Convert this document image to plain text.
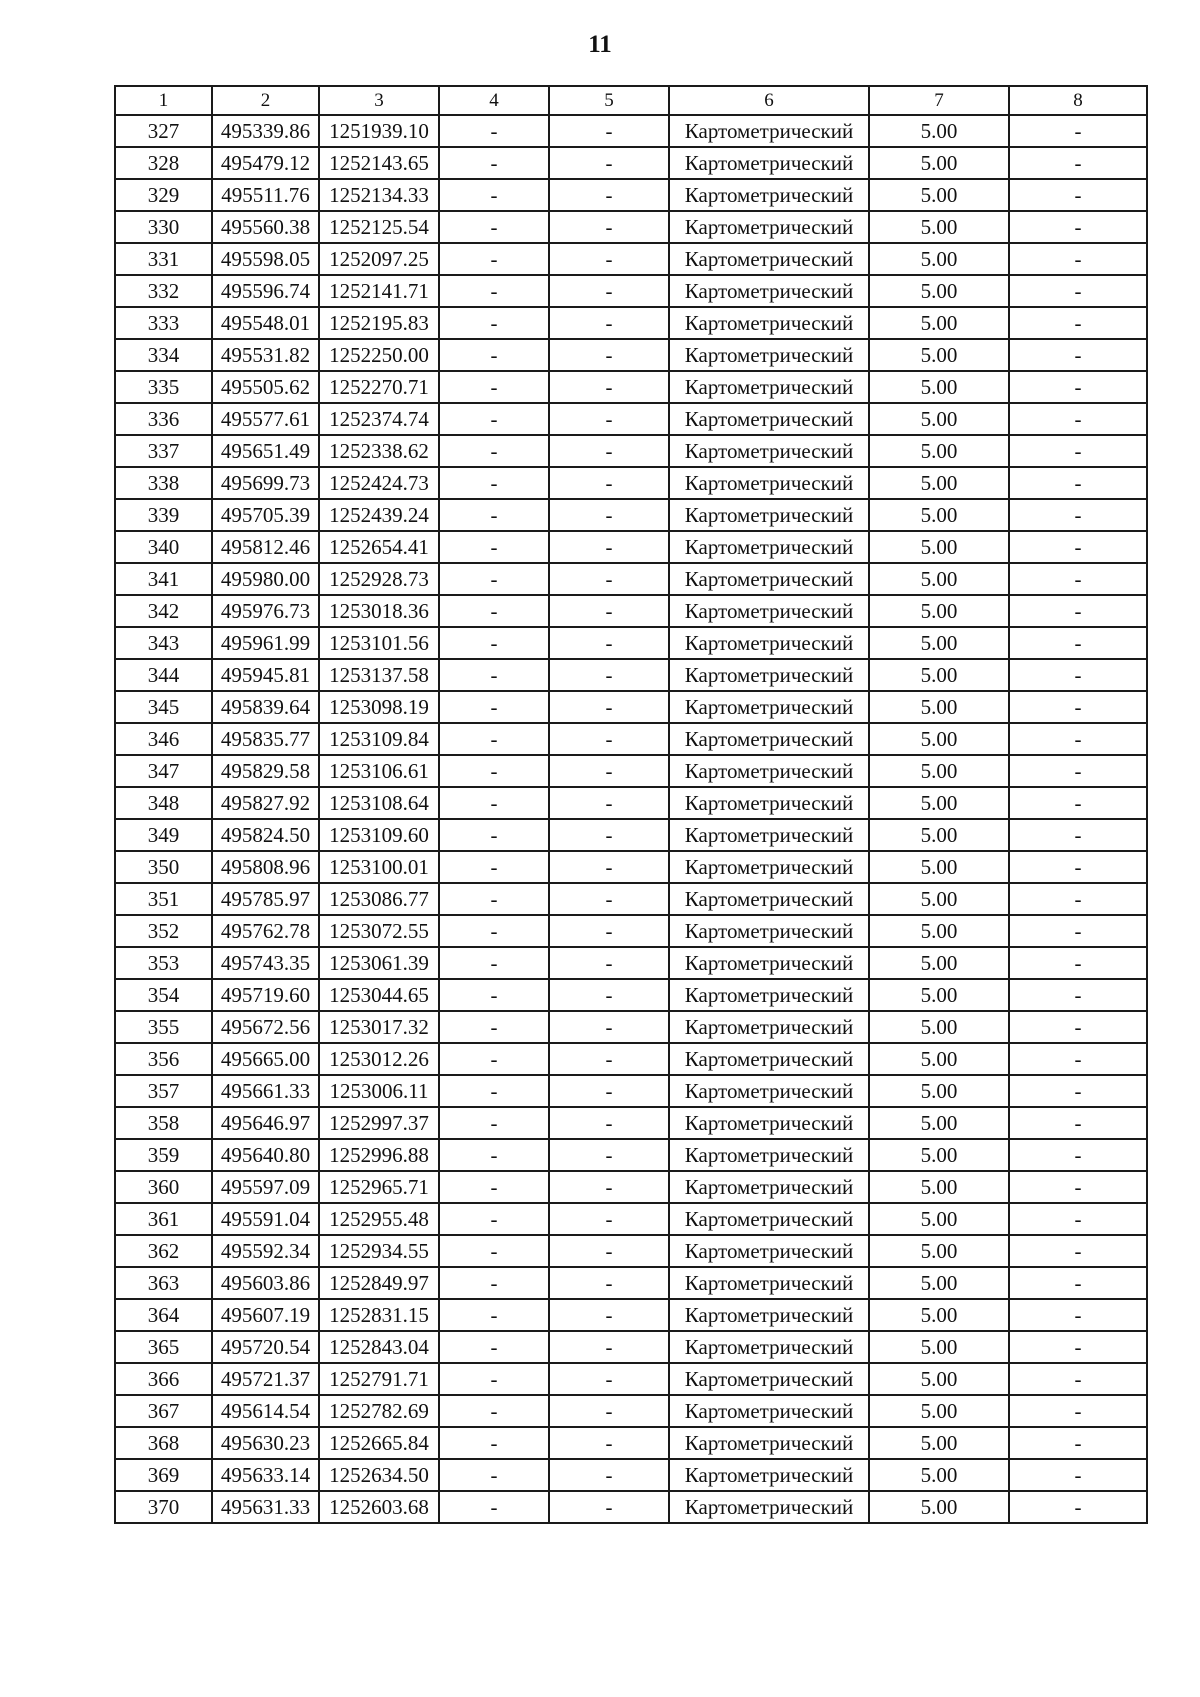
11
1	2	3	4	5	6	7	8
327	495339.86	1251939.10	-	-	Картометрический	5.00	-
328	495479.12	1252143.65	-	-	Картометрический	5.00	-
329	495511.76	1252134.33	-	-	Картометрический	5.00	-
330	495560.38	1252125.54	-	-	Картометрический	5.00	-
331	495598.05	1252097.25	-	-	Картометрический	5.00	-
332	495596.74	1252141.71	-	-	Картометрический	5.00	-
333	495548.01	1252195.83	-	-	Картометрический	5.00	-
334	495531.82	1252250.00	-	-	Картометрический	5.00	-
335	495505.62	1252270.71	-	-	Картометрический	5.00	-
336	495577.61	1252374.74	-	-	Картометрический	5.00	-
337	495651.49	1252338.62	-	-	Картометрический	5.00	-
338	495699.73	1252424.73	-	-	Картометрический	5.00	-
339	495705.39	1252439.24	-	-	Картометрический	5.00	-
340	495812.46	1252654.41	-	-	Картометрический	5.00	-
341	495980.00	1252928.73	-	-	Картометрический	5.00	-
342	495976.73	1253018.36	-	-	Картометрический	5.00	-
343	495961.99	1253101.56	-	-	Картометрический	5.00	-
344	495945.81	1253137.58	-	-	Картометрический	5.00	-
345	495839.64	1253098.19	-	-	Картометрический	5.00	-
346	495835.77	1253109.84	-	-	Картометрический	5.00	-
347	495829.58	1253106.61	-	-	Картометрический	5.00	-
348	495827.92	1253108.64	-	-	Картометрический	5.00	-
349	495824.50	1253109.60	-	-	Картометрический	5.00	-
350	495808.96	1253100.01	-	-	Картометрический	5.00	-
351	495785.97	1253086.77	-	-	Картометрический	5.00	-
352	495762.78	1253072.55	-	-	Картометрический	5.00	-
353	495743.35	1253061.39	-	-	Картометрический	5.00	-
354	495719.60	1253044.65	-	-	Картометрический	5.00	-
355	495672.56	1253017.32	-	-	Картометрический	5.00	-
356	495665.00	1253012.26	-	-	Картометрический	5.00	-
357	495661.33	1253006.11	-	-	Картометрический	5.00	-
358	495646.97	1252997.37	-	-	Картометрический	5.00	-
359	495640.80	1252996.88	-	-	Картометрический	5.00	-
360	495597.09	1252965.71	-	-	Картометрический	5.00	-
361	495591.04	1252955.48	-	-	Картометрический	5.00	-
362	495592.34	1252934.55	-	-	Картометрический	5.00	-
363	495603.86	1252849.97	-	-	Картометрический	5.00	-
364	495607.19	1252831.15	-	-	Картометрический	5.00	-
365	495720.54	1252843.04	-	-	Картометрический	5.00	-
366	495721.37	1252791.71	-	-	Картометрический	5.00	-
367	495614.54	1252782.69	-	-	Картометрический	5.00	-
368	495630.23	1252665.84	-	-	Картометрический	5.00	-
369	495633.14	1252634.50	-	-	Картометрический	5.00	-
370	495631.33	1252603.68	-	-	Картометрический	5.00	-
